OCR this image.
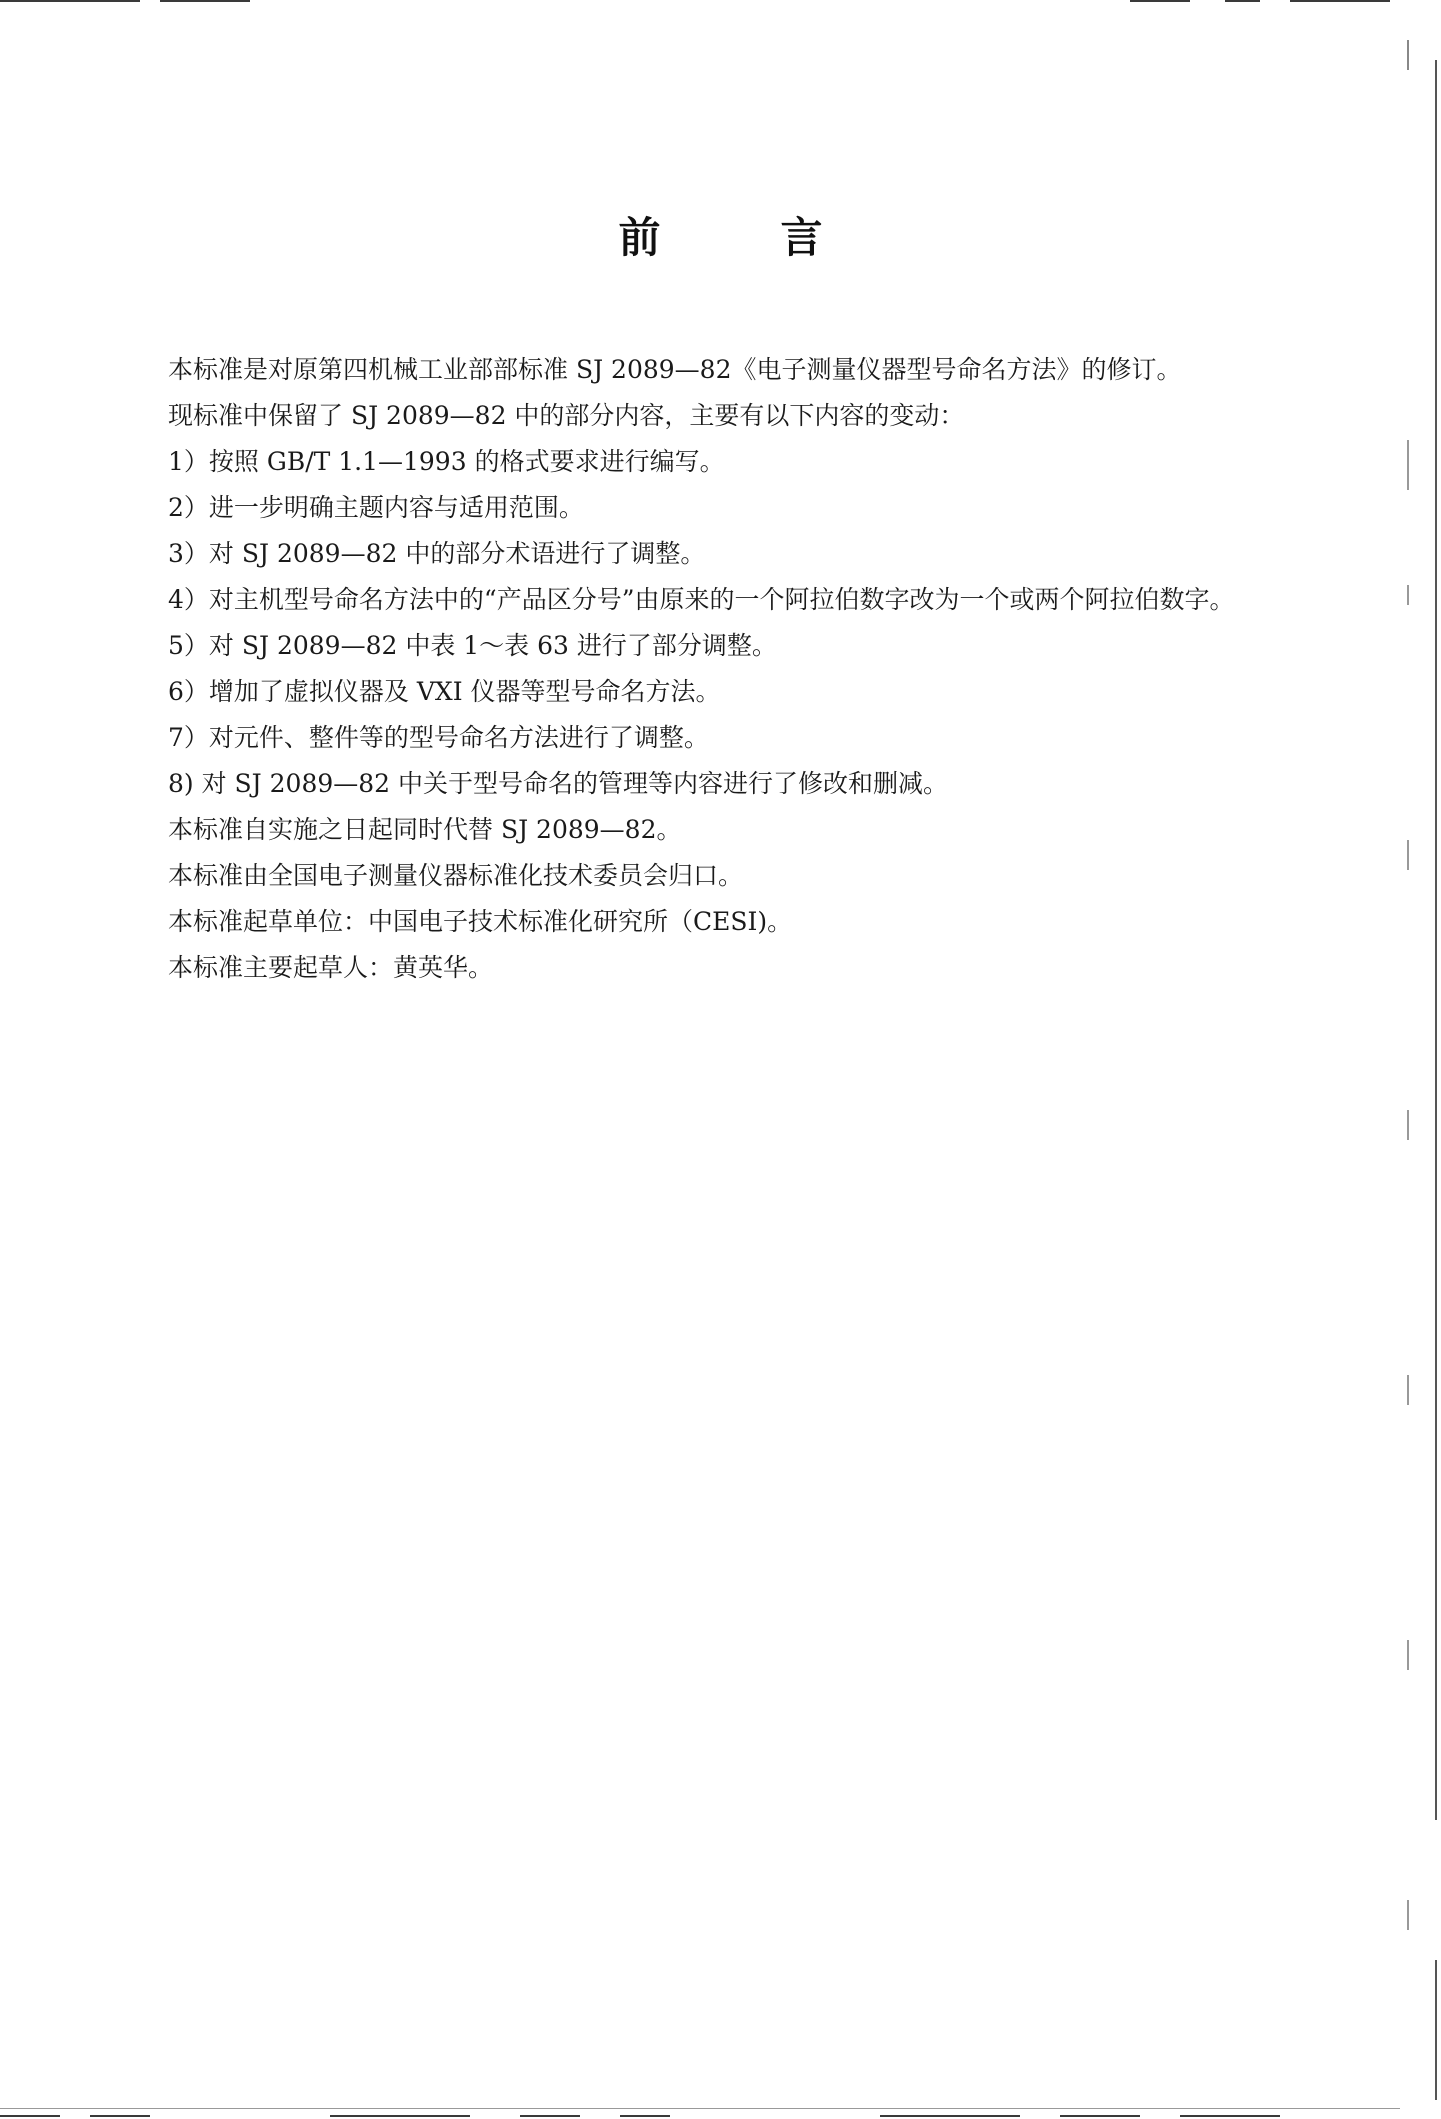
前	言
本标准是对原第四机械工业部部标准 SJ 2089—82《电子测量仪器型号命名方法》的修订。
现标准中保留了 SJ 2089—82 中的部分内容，主要有以下内容的变动：
1）按照 GB/T 1.1—1993 的格式要求进行编写。
2）进一步明确主题内容与适用范围。
3）对 SJ 2089—82 中的部分术语进行了调整。
4）对主机型号命名方法中的“产品区分号”由原来的一个阿拉伯数字改为一个或两个阿拉伯数字。
5）对 SJ 2089—82 中表 1～表 63 进行了部分调整。
6）增加了虚拟仪器及 VXI 仪器等型号命名方法。
7）对元件、整件等的型号命名方法进行了调整。
8) 对 SJ 2089—82 中关于型号命名的管理等内容进行了修改和删减。
本标准自实施之日起同时代替 SJ 2089—82。
本标准由全国电子测量仪器标准化技术委员会归口。
本标准起草单位：中国电子技术标准化研究所（CESI)。
本标准主要起草人：黄英华。
